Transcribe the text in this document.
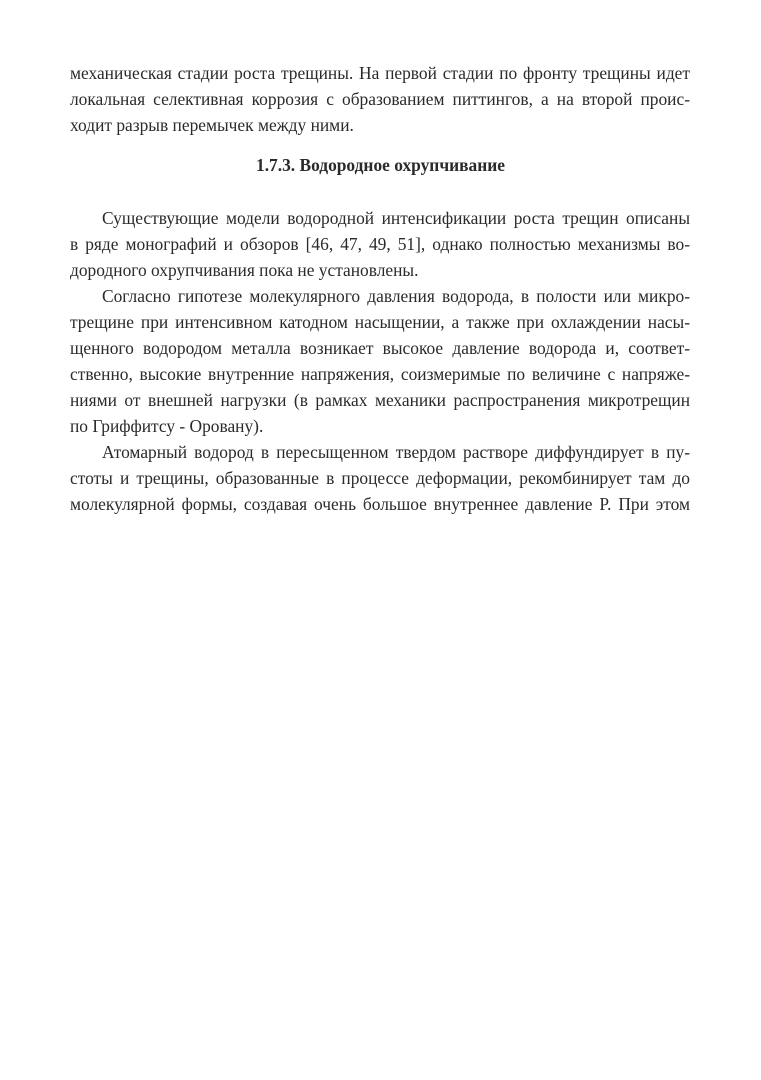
механическая стадии роста трещины. На первой стадии по фронту трещины идет
локальная селективная коррозия с образованием питтингов, а на второй проис-
ходит разрыв перемычек между ними.
1.7.3. Водородное охрупчивание
Существующие модели водородной интенсификации роста трещин описаны
в ряде монографий и обзоров [46, 47, 49, 51], однако полностью механизмы во-
дородного охрупчивания пока не установлены.
Согласно гипотезе молекулярного давления водорода, в полости или микро-
трещине при интенсивном катодном насыщении, а также при охлаждении насы-
щенного водородом металла возникает высокое давление водорода и, соответ-
ственно, высокие внутренние напряжения, соизмеримые по величине с напряже-
ниями от внешней нагрузки (в рамках механики распространения микротрещин
по Гриффитсу - Оровану).
Атомарный водород в пересыщенном твердом растворе диффундирует в пу-
стоты и трещины, образованные в процессе деформации, рекомбинирует там до
молекулярной формы, создавая очень большое внутреннее давление P. При этом
